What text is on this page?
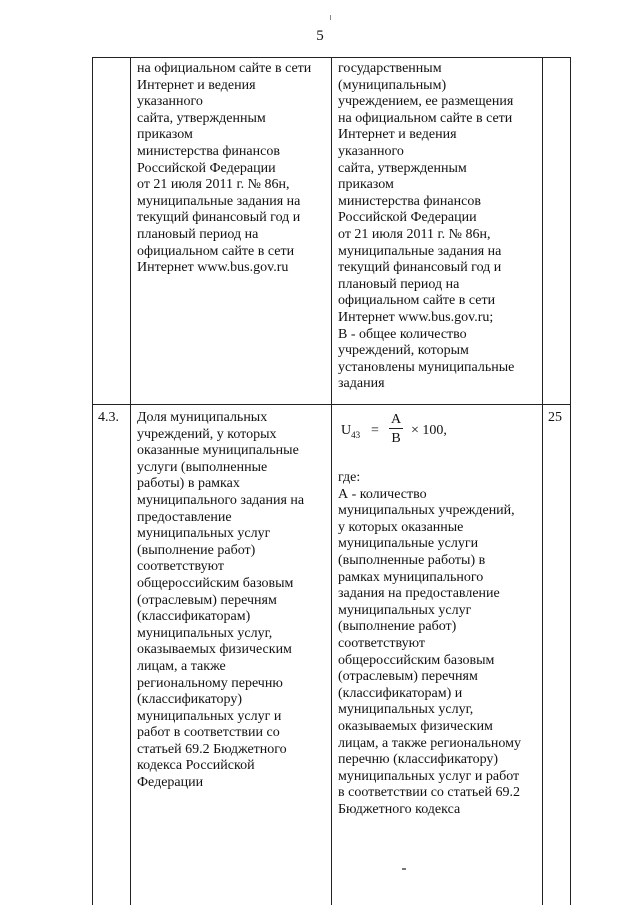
5
на официальном сайте в сети
Интернет и ведения
указанного
сайта, утвержденным
приказом
министерства финансов
Российской Федерации
от 21 июля 2011 г. № 86н,
муниципальные задания на
текущий финансовый год и
плановый период на
официальном сайте в сети
Интернет www.bus.gov.ru
государственным
(муниципальным)
учреждением, ее размещения
на официальном сайте в сети
Интернет и ведения
указанного
сайта, утвержденным
приказом
министерства финансов
Российской Федерации
от 21 июля 2011 г. № 86н,
муниципальные задания на
текущий финансовый год и
плановый период на
официальном сайте в сети
Интернет www.bus.gov.ru;
В - общее количество
учреждений, которым
установлены муниципальные
задания
4.3. Доля муниципальных
учреждений, у которых
оказанные муниципальные
услуги (выполненные
работы) в рамках
муниципального задания на
предоставление
муниципальных услуг
(выполнение работ)
соответствуют
общероссийским базовым
(отраслевым) перечням
(классификаторам)
муниципальных услуг,
оказываемых физическим
лицам, а также
региональному перечню
(классификатору)
муниципальных услуг и
работ в соответствии со
статьей 69.2 Бюджетного
кодекса Российской
Федерации
$U_{43}$ =
A
B
× 100,
где:
А - количество
муниципальных учреждений,
у которых оказанные
муниципальные услуги
(выполненные работы) в
рамках муниципального
задания на предоставление
муниципальных услуг
(выполнение работ)
соответствуют
общероссийским базовым
(отраслевым) перечням
(классификаторам) и
муниципальных услуг,
оказываемых физическим
лицам, а также региональному
перечню (классификатору)
муниципальных услуг и работ
в соответствии со статьей 69.2
Бюджетного кодекса
25
